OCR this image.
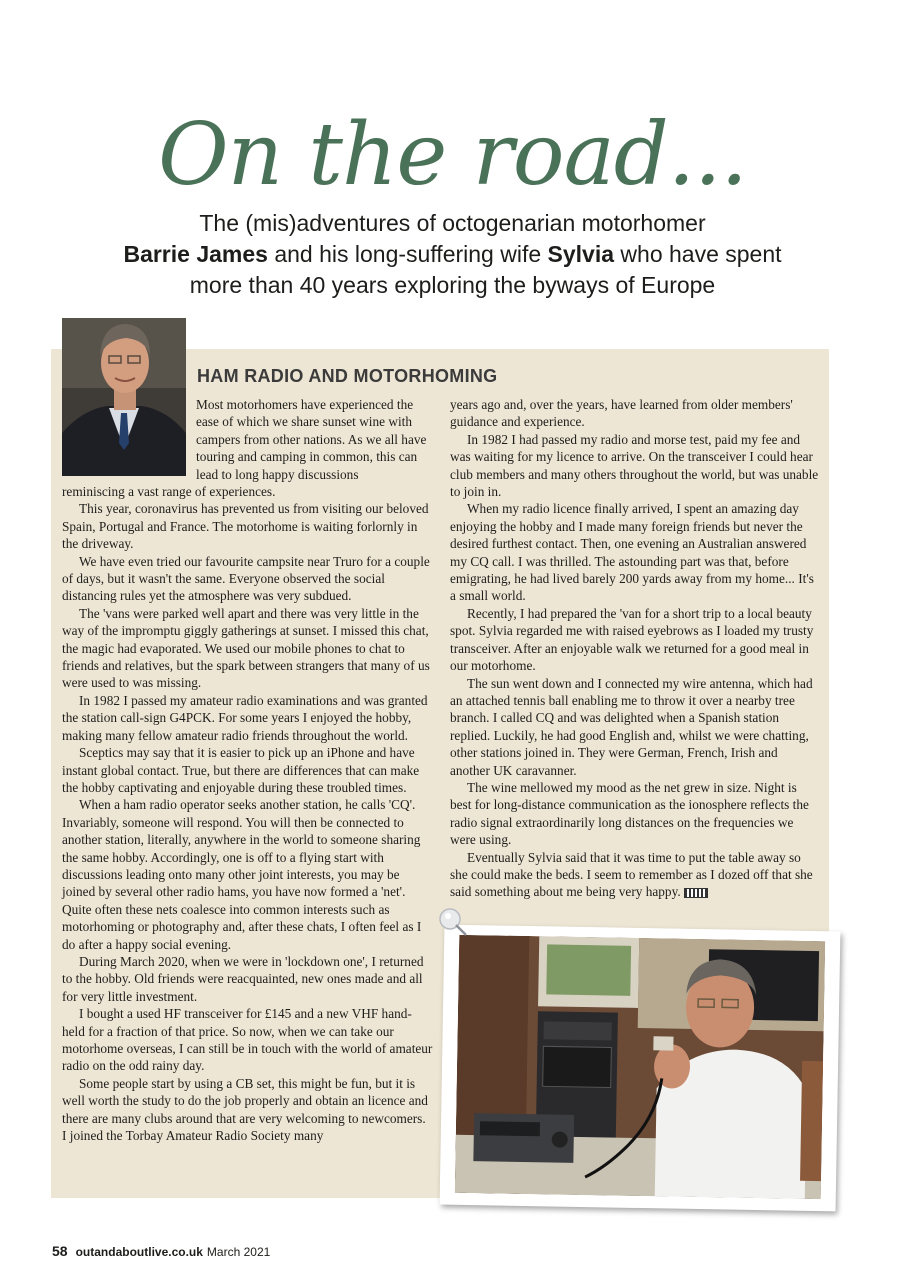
On the road...
The (mis)adventures of octogenarian motorhomer
Barrie James and his long-suffering wife Sylvia who have spent
more than 40 years exploring the byways of Europe
HAM RADIO AND MOTORHOMING

Most motorhomers have experienced the ease of which we share sunset wine with campers from other nations. As we all have touring and camping in common, this can lead to long happy discussions

reminiscing a vast range of experiences.

This year, coronavirus has prevented us from visiting our beloved Spain, Portugal and France. The motorhome is waiting forlornly in the driveway.

We have even tried our favourite campsite near Truro for a couple of days, but it wasn't the same. Everyone observed the social distancing rules yet the atmosphere was very subdued.

The 'vans were parked well apart and there was very little in the way of the impromptu giggly gatherings at sunset. I missed this chat, the magic had evaporated. We used our mobile phones to chat to friends and relatives, but the spark between strangers that many of us were used to was missing.

In 1982 I passed my amateur radio examinations and was granted the station call-sign G4PCK. For some years I enjoyed the hobby, making many fellow amateur radio friends throughout the world.

Sceptics may say that it is easier to pick up an iPhone and have instant global contact. True, but there are differences that can make the hobby captivating and enjoyable during these troubled times.

When a ham radio operator seeks another station, he calls 'CQ'. Invariably, someone will respond. You will then be connected to another station, literally, anywhere in the world to someone sharing the same hobby. Accordingly, one is off to a flying start with discussions leading onto many other joint interests, you may be joined by several other radio hams, you have now formed a 'net'. Quite often these nets coalesce into common interests such as motorhoming or photography and, after these chats, I often feel as I do after a happy social evening.

During March 2020, when we were in 'lockdown one', I returned to the hobby. Old friends were reacquainted, new ones made and all for very little investment.

I bought a used HF transceiver for £145 and a new VHF hand-held for a fraction of that price. So now, when we can take our motorhome overseas, I can still be in touch with the world of amateur radio on the odd rainy day.

Some people start by using a CB set, this might be fun, but it is well worth the study to do the job properly and obtain an licence and there are many clubs around that are very welcoming to newcomers. I joined the Torbay Amateur Radio Society many

years ago and, over the years, have learned from older members' guidance and experience.

In 1982 I had passed my radio and morse test, paid my fee and was waiting for my licence to arrive. On the transceiver I could hear club members and many others throughout the world, but was unable to join in.

When my radio licence finally arrived, I spent an amazing day enjoying the hobby and I made many foreign friends but never the desired furthest contact. Then, one evening an Australian answered my CQ call. I was thrilled. The astounding part was that, before emigrating, he had lived barely 200 yards away from my home... It's a small world.

Recently, I had prepared the 'van for a short trip to a local beauty spot. Sylvia regarded me with raised eyebrows as I loaded my trusty transceiver. After an enjoyable walk we returned for a good meal in our motorhome.

The sun went down and I connected my wire antenna, which had an attached tennis ball enabling me to throw it over a nearby tree branch. I called CQ and was delighted when a Spanish station replied. Luckily, he had good English and, whilst we were chatting, other stations joined in. They were German, French, Irish and another UK caravanner.

The wine mellowed my mood as the net grew in size. Night is best for long-distance communication as the ionosphere reflects the radio signal extraordinarily long distances on the frequencies we were using.

Eventually Sylvia said that it was time to put the table away so she could make the beds. I seem to remember as I dozed off that she said something about me being very happy.

58 outandaboutlive.co.uk March 2021
